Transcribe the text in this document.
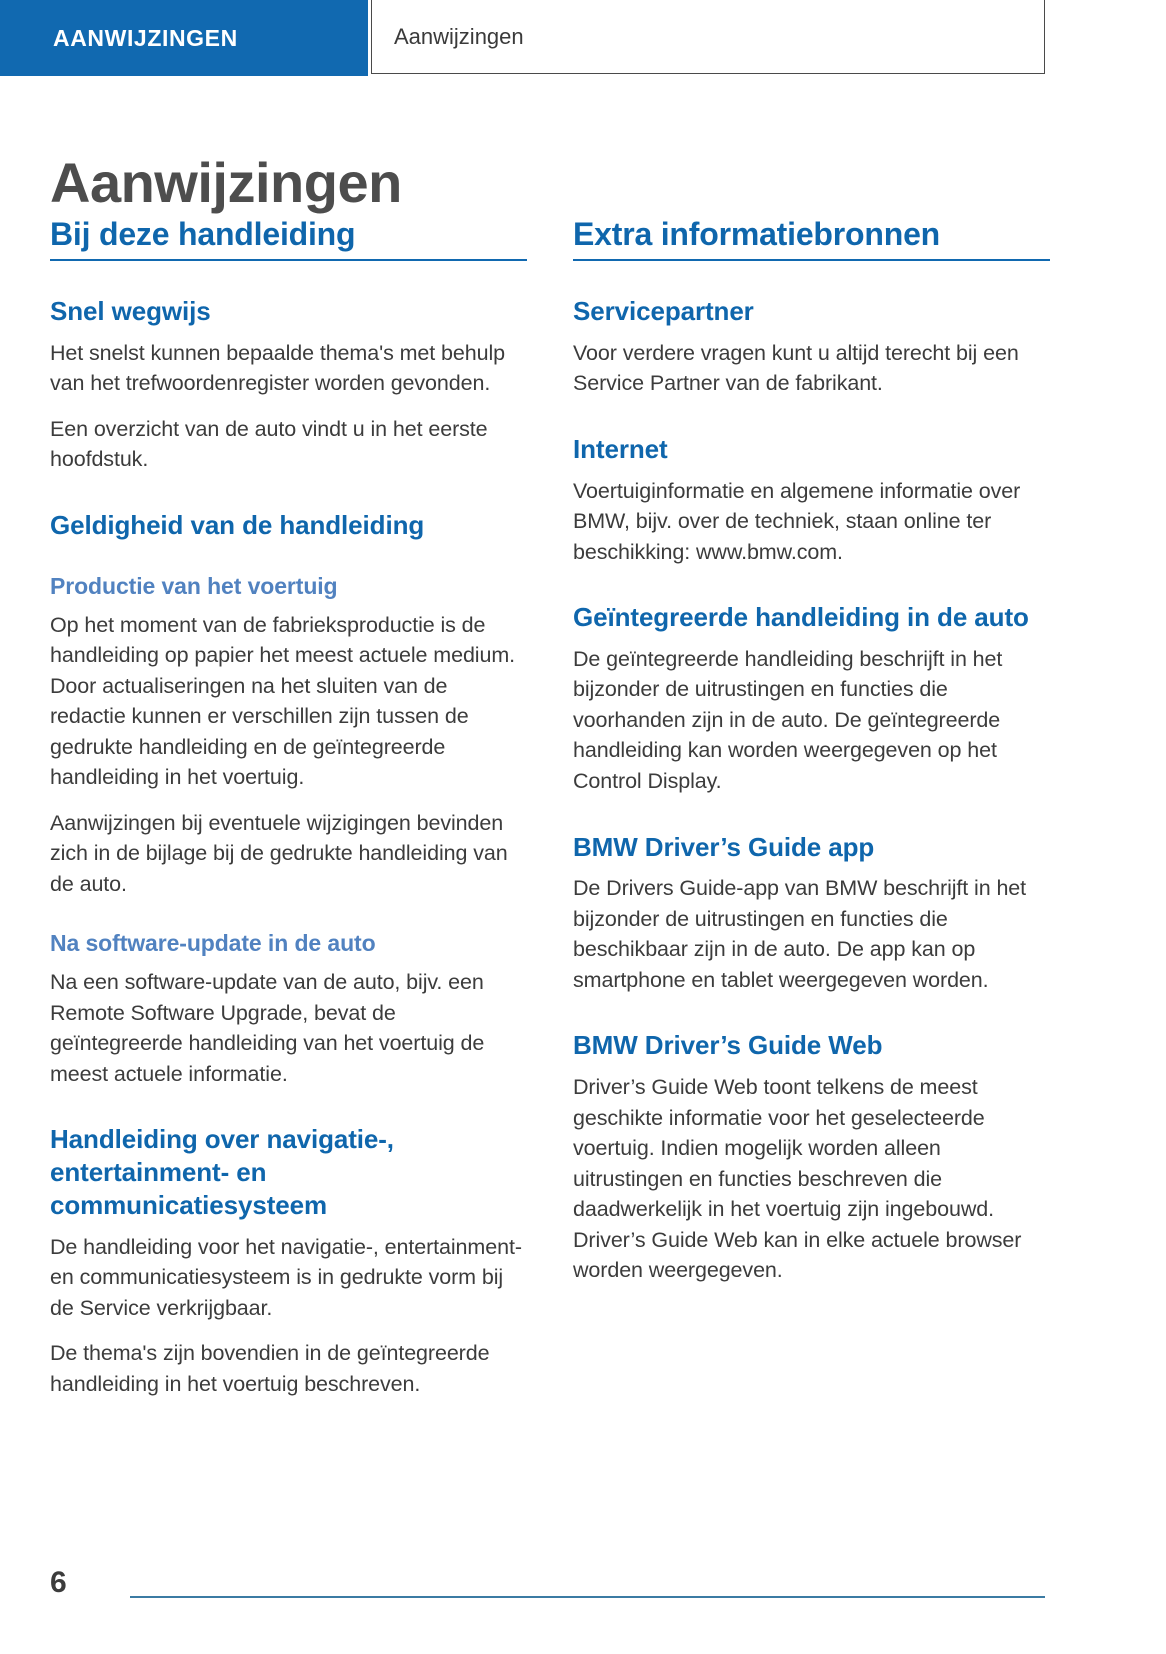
AANWIJZINGEN	Aanwijzingen
Aanwijzingen
Bij deze handleiding
Snel wegwijs

Het snelst kunnen bepaalde thema's met behulp van het trefwoordenregister worden gevonden.

Een overzicht van de auto vindt u in het eerste hoofdstuk.

Geldigheid van de handleiding
Productie van het voertuig

Op het moment van de fabrieksproductie is de handleiding op papier het meest actuele medium. Door actualiseringen na het sluiten van de redactie kunnen er verschillen zijn tussen de gedrukte handleiding en de geïntegreerde handleiding in het voertuig.

Aanwijzingen bij eventuele wijzigingen bevinden zich in de bijlage bij de gedrukte handleiding van de auto.

Na software-update in de auto

Na een software-update van de auto, bijv. een Remote Software Upgrade, bevat de geïntegreerde handleiding van het voertuig de meest actuele informatie.

Handleiding over navigatie-, entertainment- en communicatiesysteem

De handleiding voor het navigatie-, entertainment- en communicatiesysteem is in gedrukte vorm bij de Service verkrijgbaar.

De thema's zijn bovendien in de geïntegreerde handleiding in het voertuig beschreven.

Extra informatiebronnen
Servicepartner

Voor verdere vragen kunt u altijd terecht bij een Service Partner van de fabrikant.

Internet

Voertuiginformatie en algemene informatie over BMW, bijv. over de techniek, staan online ter beschikking: www.bmw.com.

Geïntegreerde handleiding in de auto

De geïntegreerde handleiding beschrijft in het bijzonder de uitrustingen en functies die voorhanden zijn in de auto. De geïntegreerde handleiding kan worden weergegeven op het Control Display.

BMW Driver’s Guide app

De Drivers Guide-app van BMW beschrijft in het bijzonder de uitrustingen en functies die beschikbaar zijn in de auto. De app kan op smartphone en tablet weergegeven worden.

BMW Driver’s Guide Web

Driver’s Guide Web toont telkens de meest geschikte informatie voor het geselecteerde voertuig. Indien mogelijk worden alleen uitrustingen en functies beschreven die daadwerkelijk in het voertuig zijn ingebouwd. Driver’s Guide Web kan in elke actuele browser worden weergegeven.

6
